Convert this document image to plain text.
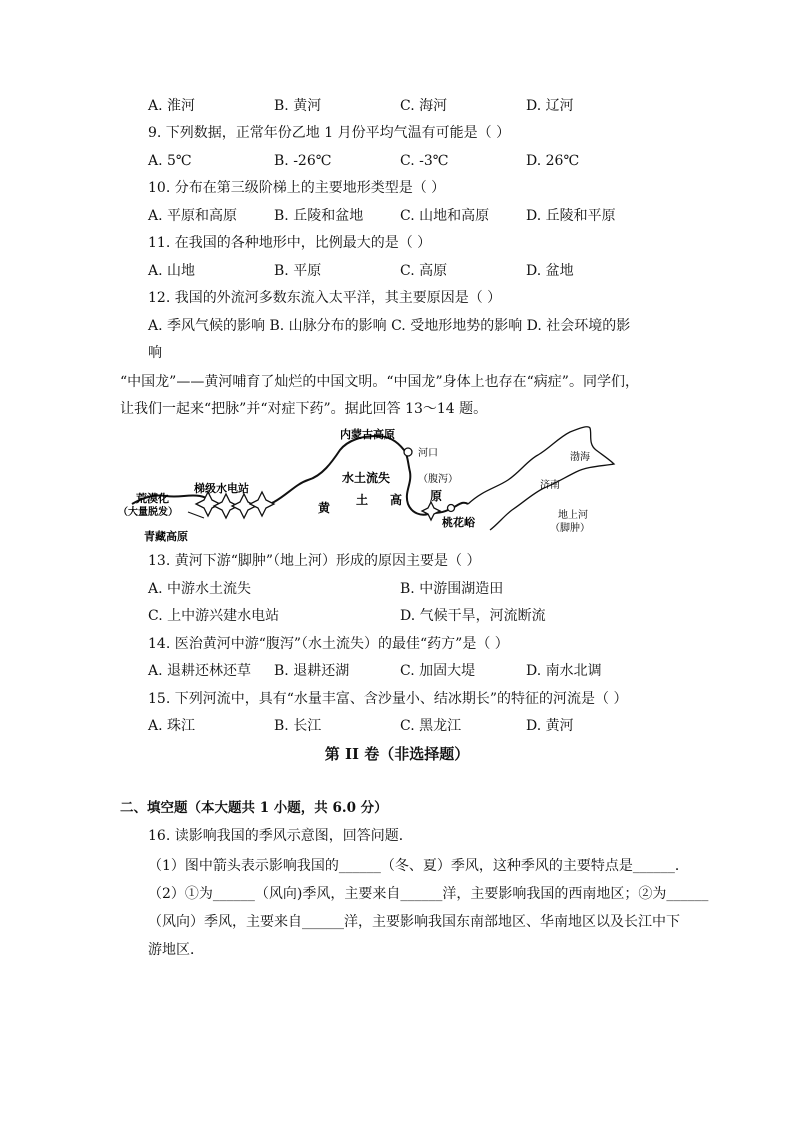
A. 淮河	B. 黄河	C. 海河	D. 辽河
9. 下列数据，正常年份乙地 1 月份平均气温有可能是（ ）
A. 5℃	B. -26℃	C. -3℃	D. 26℃
10. 分布在第三级阶梯上的主要地形类型是（ ）
A. 平原和高原	B. 丘陵和盆地	C. 山地和高原	D. 丘陵和平原
11. 在我国的各种地形中，比例最大的是（ ）
A. 山地	B. 平原	C. 高原	D. 盆地
12. 我国的外流河多数东流入太平洋，其主要原因是（ ）
A. 季风气候的影响 B. 山脉分布的影响 C. 受地形地势的影响 D. 社会环境的影
响
“中国龙”——黄河哺育了灿烂的中国文明。“中国龙”身体上也存在“病症”。同学们，
让我们一起来“把脉”并“对症下药”。据此回答 13～14 题。
内蒙古高原
河口	渤海
济南
水土流失	（腹泻）
原
黄
土 高
桃花峪
地上河
（脚肿）
梯级水电站
荒漠化
（大量脱发）
青藏高原
13. 黄河下游“脚肿”（地上河）形成的原因主要是（ ）
A. 中游水土流失	B. 中游围湖造田
C. 上中游兴建水电站	D. 气候干旱，河流断流
14. 医治黄河中游“腹泻”（水土流失）的最佳“药方”是（ ）
A. 退耕还林还草 B. 退耕还湖	C. 加固大堤	D. 南水北调
15. 下列河流中，具有“水量丰富、含沙量小、结冰期长”的特征的河流是（ ）
A. 珠江	B. 长江	C. 黑龙江	D. 黄河
第 II 卷（非选择题）
二、填空题（本大题共 1 小题，共 6.0 分）
16. 读影响我国的季风示意图，回答问题．
（1）图中箭头表示影响我国的______（冬、夏）季风，这种季风的主要特点是______．
（2）①为______（风向)季风，主要来自______洋，主要影响我国的西南地区；②为______
（风向）季风，主要来自______洋，主要影响我国东南部地区、华南地区以及长江中下
游地区．
